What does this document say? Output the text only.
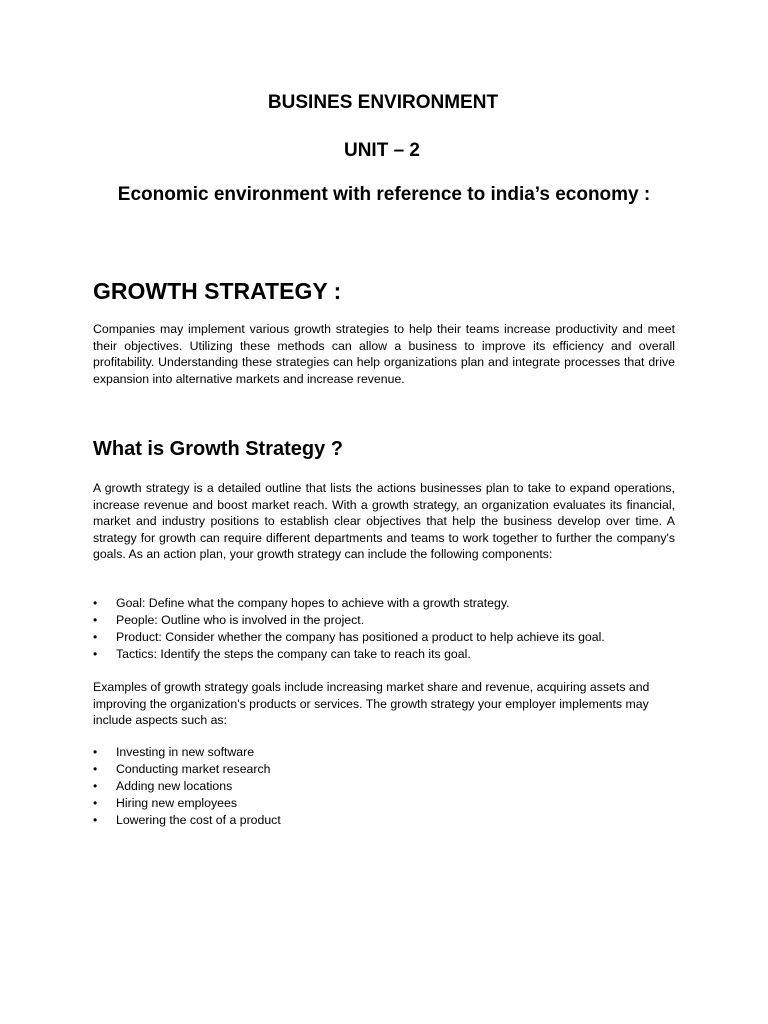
BUSINES ENVIRONMENT
UNIT – 2
Economic environment with reference to india’s economy :
GROWTH STRATEGY :

Companies may implement various growth strategies to help their teams increase productivity and meet their objectives. Utilizing these methods can allow a business to improve its efficiency and overall profitability. Understanding these strategies can help organizations plan and integrate processes that drive expansion into alternative markets and increase revenue.

What is Growth Strategy ?

A growth strategy is a detailed outline that lists the actions businesses plan to take to expand operations, increase revenue and boost market reach. With a growth strategy, an organization evaluates its financial, market and industry positions to establish clear objectives that help the business develop over time. A strategy for growth can require different departments and teams to work together to further the company's goals. As an action plan, your growth strategy can include the following components:

• Goal: Define what the company hopes to achieve with a growth strategy.
• People: Outline who is involved in the project.
• Product: Consider whether the company has positioned a product to help achieve its goal.
• Tactics: Identify the steps the company can take to reach its goal.

Examples of growth strategy goals include increasing market share and revenue, acquiring assets and improving the organization's products or services. The growth strategy your employer implements may include aspects such as:

• Investing in new software
• Conducting market research
• Adding new locations
• Hiring new employees
• Lowering the cost of a product
